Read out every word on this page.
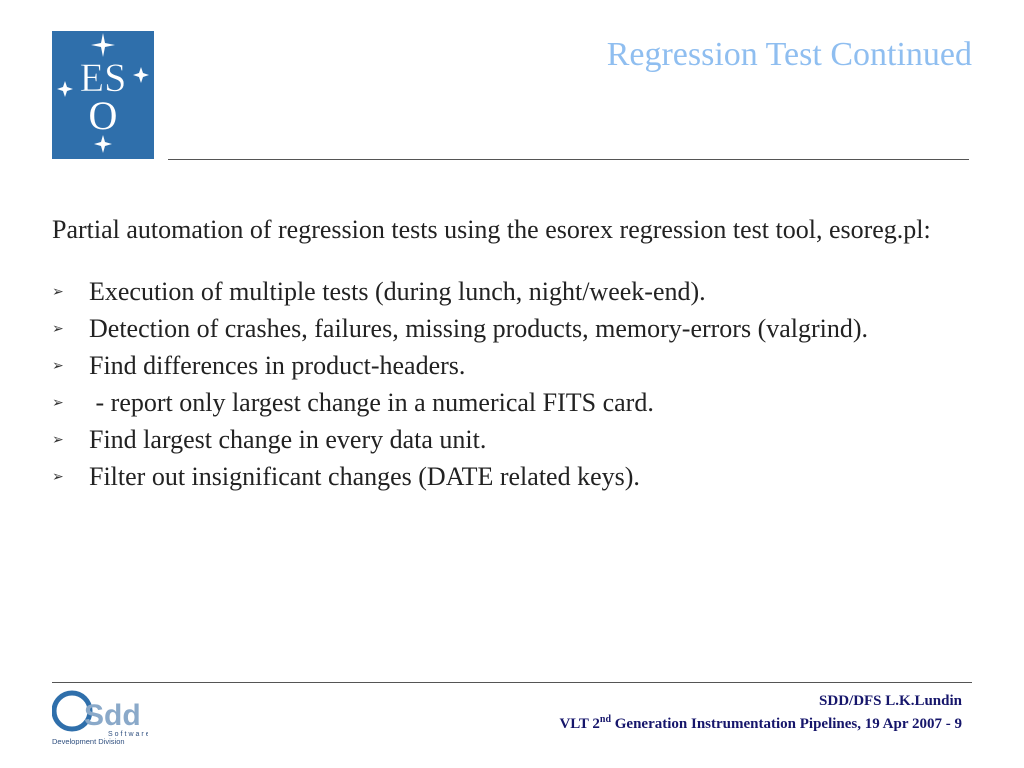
ES
O
Regression Test Continued

Partial automation of regression tests using the esorex regression test tool, esoreg.pl:

➢ Execution of multiple tests (during lunch, night/week-end).
➢ Detection of crashes, failures, missing products, memory-errors (valgrind).
➢ Find differences in product-headers.
➢ - report only largest change in a numerical FITS card.
➢ Find largest change in every data unit.
➢ Filter out insignificant changes (DATE related keys).
Sdd
Software
Development Division
SDD/DFS L.K.Lundin
VLT 2nd Generation Instrumentation Pipelines, 19 Apr 2007 - 9
